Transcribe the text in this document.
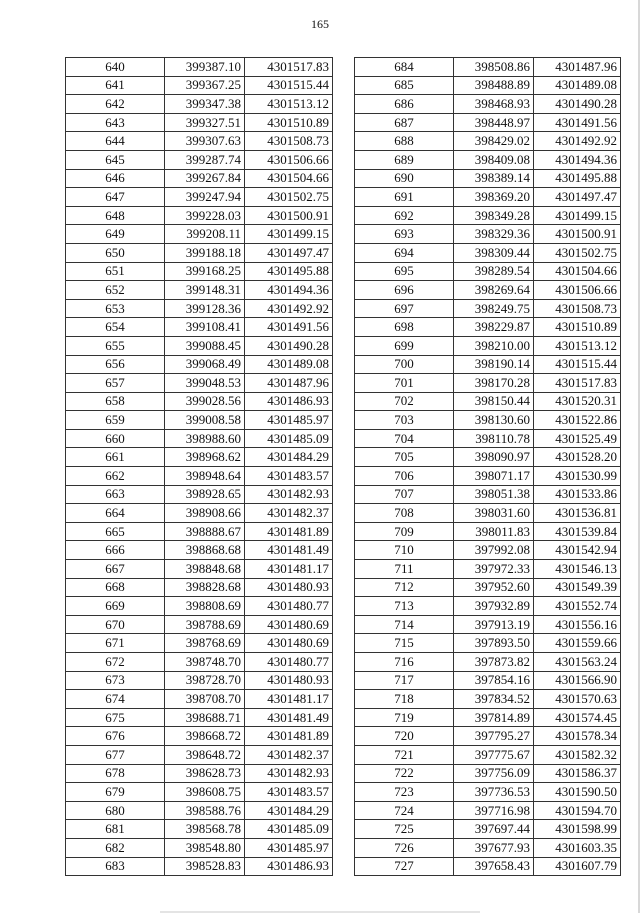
165
640	399387.10	4301517.83
641	399367.25	4301515.44
642	399347.38	4301513.12
643	399327.51	4301510.89
644	399307.63	4301508.73
645	399287.74	4301506.66
646	399267.84	4301504.66
647	399247.94	4301502.75
648	399228.03	4301500.91
649	399208.11	4301499.15
650	399188.18	4301497.47
651	399168.25	4301495.88
652	399148.31	4301494.36
653	399128.36	4301492.92
654	399108.41	4301491.56
655	399088.45	4301490.28
656	399068.49	4301489.08
657	399048.53	4301487.96
658	399028.56	4301486.93
659	399008.58	4301485.97
660	398988.60	4301485.09
661	398968.62	4301484.29
662	398948.64	4301483.57
663	398928.65	4301482.93
664	398908.66	4301482.37
665	398888.67	4301481.89
666	398868.68	4301481.49
667	398848.68	4301481.17
668	398828.68	4301480.93
669	398808.69	4301480.77
670	398788.69	4301480.69
671	398768.69	4301480.69
672	398748.70	4301480.77
673	398728.70	4301480.93
674	398708.70	4301481.17
675	398688.71	4301481.49
676	398668.72	4301481.89
677	398648.72	4301482.37
678	398628.73	4301482.93
679	398608.75	4301483.57
680	398588.76	4301484.29
681	398568.78	4301485.09
682	398548.80	4301485.97
683	398528.83	4301486.93
684	398508.86	4301487.96
685	398488.89	4301489.08
686	398468.93	4301490.28
687	398448.97	4301491.56
688	398429.02	4301492.92
689	398409.08	4301494.36
690	398389.14	4301495.88
691	398369.20	4301497.47
692	398349.28	4301499.15
693	398329.36	4301500.91
694	398309.44	4301502.75
695	398289.54	4301504.66
696	398269.64	4301506.66
697	398249.75	4301508.73
698	398229.87	4301510.89
699	398210.00	4301513.12
700	398190.14	4301515.44
701	398170.28	4301517.83
702	398150.44	4301520.31
703	398130.60	4301522.86
704	398110.78	4301525.49
705	398090.97	4301528.20
706	398071.17	4301530.99
707	398051.38	4301533.86
708	398031.60	4301536.81
709	398011.83	4301539.84
710	397992.08	4301542.94
711	397972.33	4301546.13
712	397952.60	4301549.39
713	397932.89	4301552.74
714	397913.19	4301556.16
715	397893.50	4301559.66
716	397873.82	4301563.24
717	397854.16	4301566.90
718	397834.52	4301570.63
719	397814.89	4301574.45
720	397795.27	4301578.34
721	397775.67	4301582.32
722	397756.09	4301586.37
723	397736.53	4301590.50
724	397716.98	4301594.70
725	397697.44	4301598.99
726	397677.93	4301603.35
727	397658.43	4301607.79
